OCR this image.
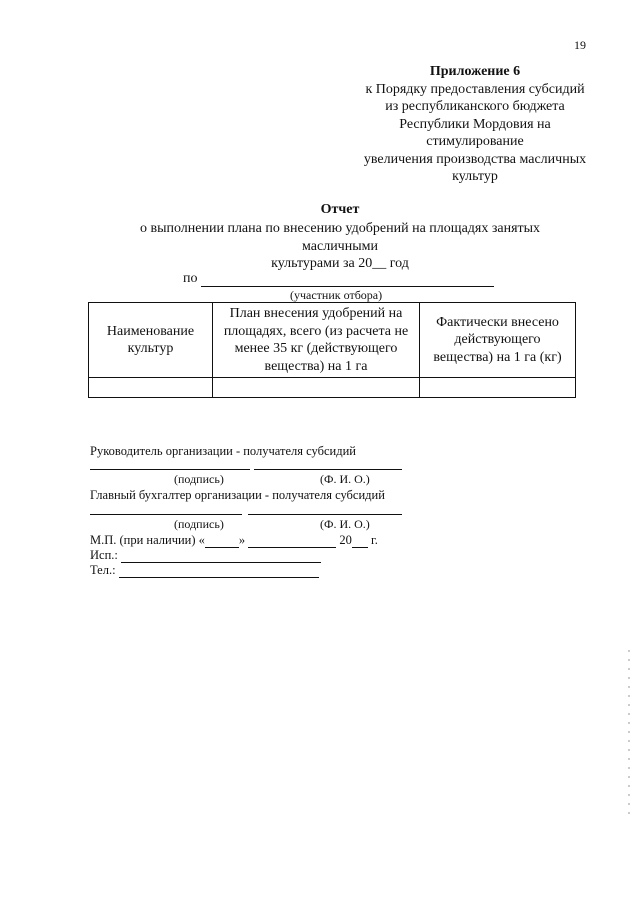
19
Приложение 6
к Порядку предоставления субсидий
из республиканского бюджета
Республики Мордовия на
стимулирование
увеличения производства масличных
культур
Отчет
о выполнении плана по внесению удобрений на площадях занятых
масличными
культурами за 20__ год
по
(участник отбора)
Наименование культур	План внесения удобрений на площадях, всего (из расчета не менее 35 кг (действующего вещества) на 1 га	Фактически внесено действующего вещества) на 1 га (кг)

Руководитель организации - получателя субсидий
(подпись)	(Ф. И. О.)
Главный бухгалтер организации - получателя субсидий
(подпись)	(Ф. И. О.)
М.П. (при наличии) «	»	20 г.
Исп.:
Тел.:
